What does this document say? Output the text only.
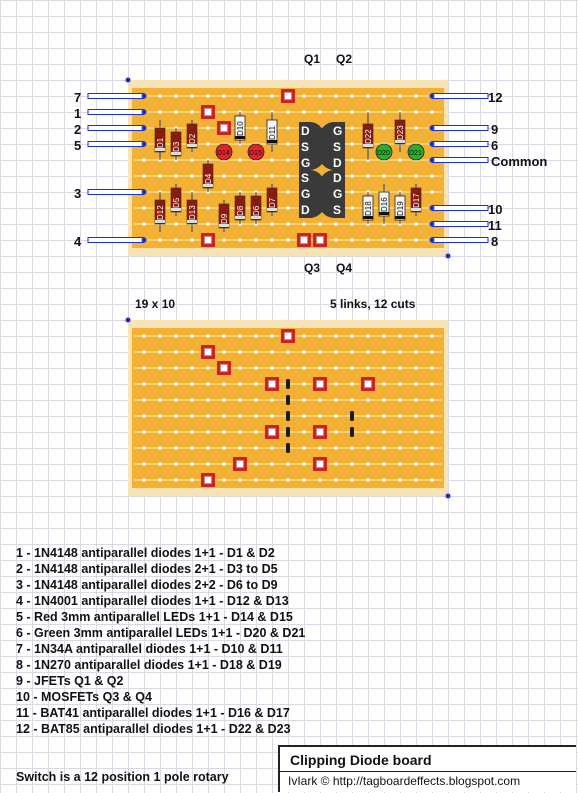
D
S
G
G
S
D
S
G
D
D
G
S
D1 D3
D2
D4
D5
D9
D8 D6
D7
D12	D13
D22	D23
D17
D10	D11
D18 D16 D19
D14	D15	D20	D21
Q1 Q2
Q3 Q4
7
1
2
5
3
4
12
9
6
Common
10
11
8
19 x 10	5 links, 12 cuts
1 - 1N4148 antiparallel diodes 1+1 - D1 & D2
2 - 1N4148 antiparallel diodes 2+1 - D3 to D5
3 - 1N4148 antiparallel diodes 2+2 - D6 to D9
4 - 1N4001 antiparallel diodes 1+1 - D12 & D13
5 - Red 3mm antiparallel LEDs 1+1 - D14 & D15
6 - Green 3mm antiparallel LEDs 1+1 - D20 & D21
7 - 1N34A antiparallel diodes 1+1 - D10 & D11
8 - 1N270 antiparallel diodes 1+1 - D18 & D19
9 - JFETs Q1 & Q2
10 - MOSFETs Q3 & Q4
11 - BAT41 antiparallel diodes 1+1 - D16 & D17
12 - BAT85 antiparallel diodes 1+1 - D22 & D23
Switch is a 12 position 1 pole rotary
Clipping Diode board
IvIark © http://tagboardeffects.blogspot.com
